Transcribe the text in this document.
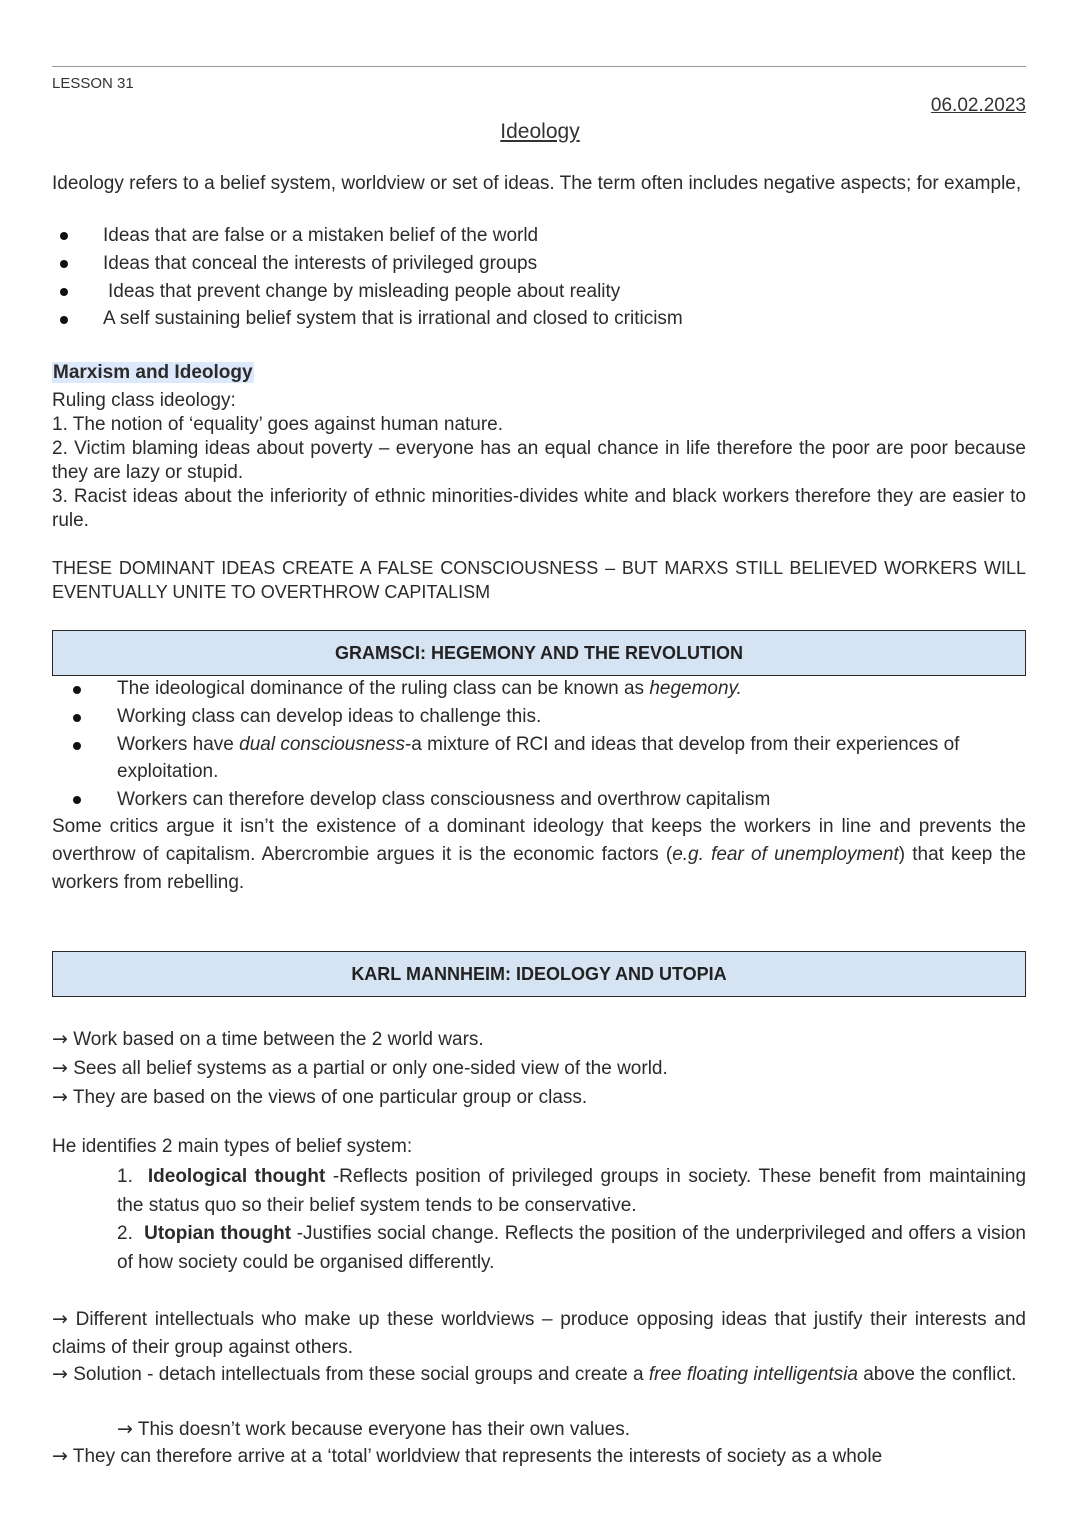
LESSON 31
06.02.2023
Ideology
Ideology refers to a belief system, worldview or set of ideas. The term often includes negative aspects; for example,
Ideas that are false or a mistaken belief of the world
Ideas that conceal the interests of privileged groups
Ideas that prevent change by misleading people about reality
A self sustaining belief system that is irrational and closed to criticism
Marxism and Ideology
Ruling class ideology:
1. The notion of ‘equality’ goes against human nature.
2. Victim blaming ideas about poverty – everyone has an equal chance in life therefore the poor are poor because they are lazy or stupid.
3. Racist ideas about the inferiority of ethnic minorities-divides white and black workers therefore they are easier to rule.
THESE DOMINANT IDEAS CREATE A FALSE CONSCIOUSNESS – BUT MARXS STILL BELIEVED WORKERS WILL EVENTUALLY UNITE TO OVERTHROW CAPITALISM
GRAMSCI: HEGEMONY AND THE REVOLUTION
The ideological dominance of the ruling class can be known as hegemony.
Working class can develop ideas to challenge this.
Workers have dual consciousness-a mixture of RCI and ideas that develop from their experiences of
exploitation.
Workers can therefore develop class consciousness and overthrow capitalism
Some critics argue it isn’t the existence of a dominant ideology that keeps the workers in line and prevents the overthrow of capitalism. Abercrombie argues it is the economic factors (e.g. fear of unemployment) that keep the workers from rebelling.
KARL MANNHEIM: IDEOLOGY AND UTOPIA
→ Work based on a time between the 2 world wars.
→ Sees all belief systems as a partial or only one-sided view of the world.
→ They are based on the views of one particular group or class.
He identifies 2 main types of belief system:
1. Ideological thought -Reflects position of privileged groups in society. These benefit from maintaining the status quo so their belief system tends to be conservative.
2. Utopian thought -Justifies social change. Reflects the position of the underprivileged and offers a vision of how society could be organised differently.
→ Different intellectuals who make up these worldviews – produce opposing ideas that justify their interests and claims of their group against others.
→ Solution - detach intellectuals from these social groups and create a free floating intelligentsia above the conflict.
→ This doesn’t work because everyone has their own values.
→ They can therefore arrive at a ‘total’ worldview that represents the interests of society as a whole
